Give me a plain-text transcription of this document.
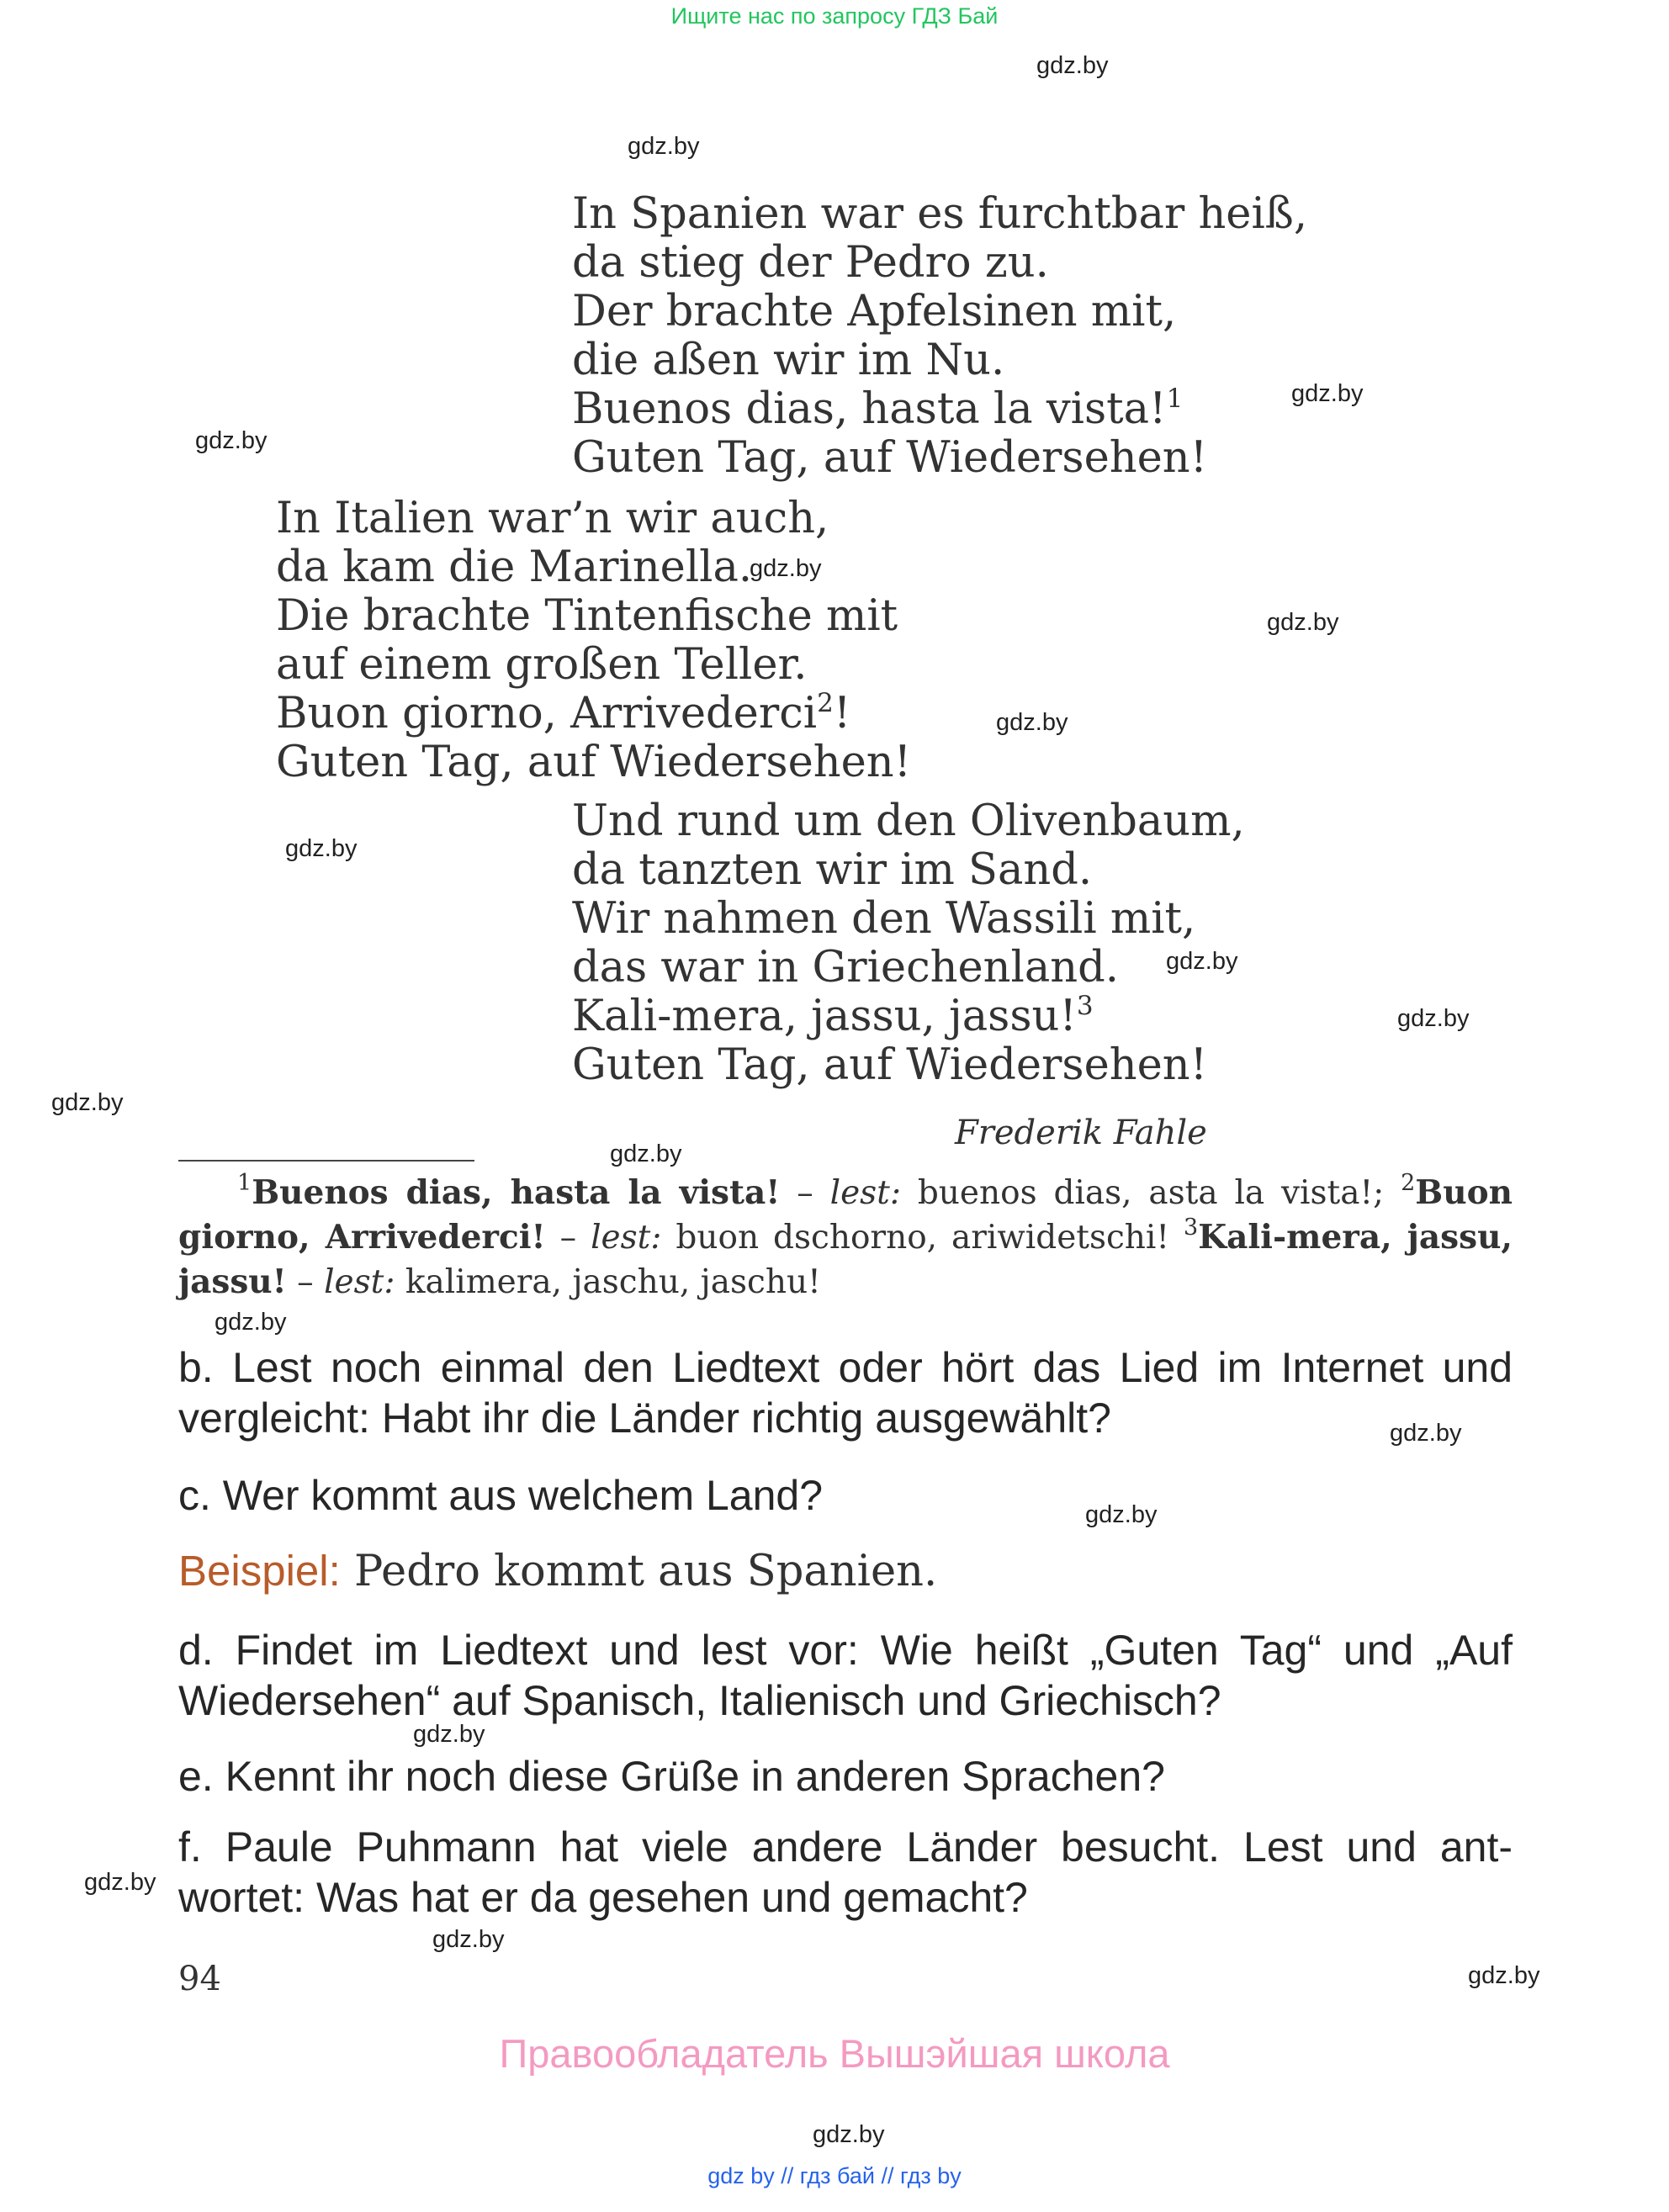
Ищите нас по запросу ГДЗ Бай
gdz.by
gdz.by
gdz.by
gdz.by
gdz.by
gdz.by
gdz.by
gdz.by
gdz.by
gdz.by
gdz.by
gdz.by
gdz.by
gdz.by
gdz.by
gdz.by
gdz.by
gdz.by
gdz.by
gdz.by
In Spanien war es furchtbar heiß,
da stieg der Pedro zu.
Der brachte Apfelsinen mit,
die aßen wir im Nu.
Buenos dias, hasta la vista!$^1$
Guten Tag, auf Wiedersehen!
In Italien war’n wir auch,
da kam die Marinella.
Die brachte Tintenfische mit
auf einem großen Teller.
Buon giorno, Arrivederci$^2$!
Guten Tag, auf Wiedersehen!
Und rund um den Olivenbaum,
da tanzten wir im Sand.
Wir nahmen den Wassili mit,
das war in Griechenland.
Kali-mera, jassu, jassu!$^3$
Guten Tag, auf Wiedersehen!
Frederik Fahle
$^1$Buenos dias, hasta la vista! – lest: buenos dias, asta la vista!; $^2$Buon
giorno, Arrivederci! – lest: buon dschorno, ariwidetschi! $^3$Kali-mera, jassu,
jassu! – lest: kalimera, jaschu, jaschu!
b. Lest noch einmal den Liedtext oder hört das Lied im Internet und
vergleicht: Habt ihr die Länder richtig ausgewählt?
c. Wer kommt aus welchem Land?
Beispiel: Pedro kommt aus Spanien.
d. Findet im Liedtext und lest vor: Wie heißt „Guten Tag“ und „Auf
Wiedersehen“ auf Spanisch, Italienisch und Griechisch?
e. Kennt ihr noch diese Grüße in anderen Sprachen?
f. Paule Puhmann hat viele andere Länder besucht. Lest und ant-
wortet: Was hat er da gesehen und gemacht?
94
Правообладатель Вышэйшая школа
gdz by // гдз бай // гдз by
